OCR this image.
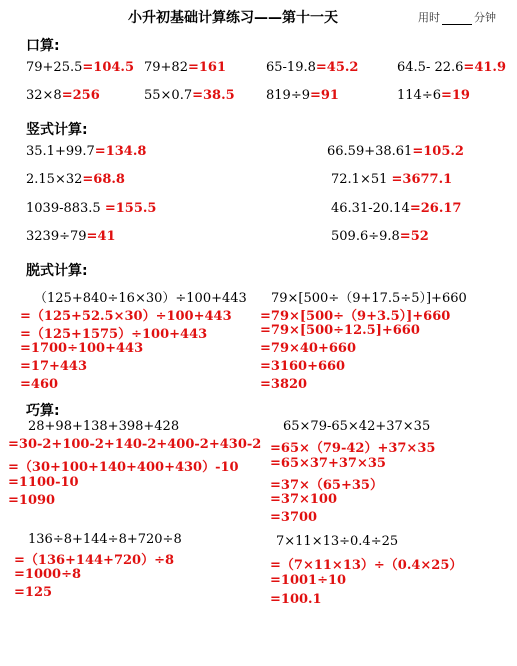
小升初基础计算练习——第十一天	用时	分钟
口算:
79+25.5=104.5 79+82=161	65-19.8=45.2	64.5- 22.6=41.9
32×8=256	55×0.7=38.5 819÷9=91	114÷6=19
竖式计算:
35.1+99.7=134.8	66.59+38.61=105.2
2.15×32=68.8	72.1×51 =3677.1
1039-883.5 =155.5	46.31-20.14=26.17
3239÷79=41	509.6÷9.8=52
脱式计算:
（125+840÷16×30）÷100+443
=（125+52.5×30）÷100+443
=（125+1575）÷100+443
=1700÷100+443
=17+443
=460
79×[500÷（9+17.5÷5）]+660
=79×[500÷（9+3.5）]+660
=79×[500÷12.5]+660
=79×40+660
=3160+660
=3820
巧算:
28+98+138+398+428
=30-2+100-2+140-2+400-2+430-2
=（30+100+140+400+430）-10
=1100-10
=1090
65×79-65×42+37×35
=65×（79-42）+37×35
=65×37+37×35
=37×（65+35）
=37×100
=3700
136÷8+144÷8+720÷8
=（136+144+720）÷8
=1000÷8
=125
7×11×13÷0.4÷25
=（7×11×13）÷（0.4×25）
=1001÷10
=100.1
